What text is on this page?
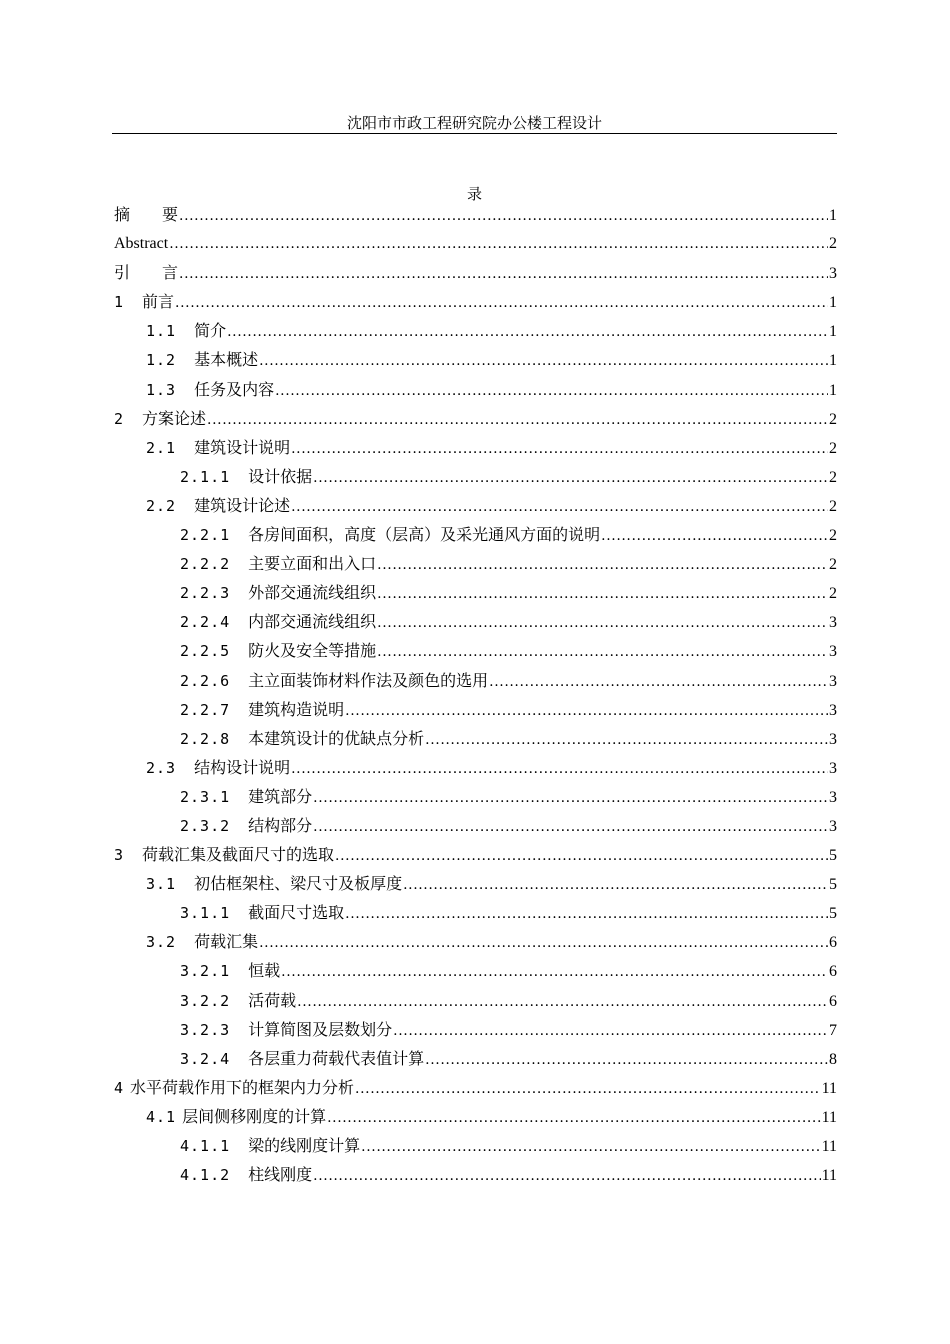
沈阳市市政工程研究院办公楼工程设计
录
摘　　要 .....	1
Abstract .....	2
引　　言 .....	3
1 前言 .....	1
1.1 简介 .....	1
1.2 基本概述 .....	1
1.3 任务及内容 .....	1
2 方案论述 .....	2
2.1 建筑设计说明 .....	2
2.1.1 设计依据 .....	2
2.2 建筑设计论述 .....	2
2.2.1 各房间面积，高度（层高）及采光通风方面的说明 .....	2
2.2.2 主要立面和出入口 .....	2
2.2.3 外部交通流线组织 .....	2
2.2.4 内部交通流线组织 .....	3
2.2.5 防火及安全等措施 .....	3
2.2.6 主立面装饰材料作法及颜色的选用 .....	3
2.2.7 建筑构造说明 .....	3
2.2.8 本建筑设计的优缺点分析 .....	3
2.3 结构设计说明 .....	3
2.3.1 建筑部分 .....	3
2.3.2 结构部分 .....	3
3 荷载汇集及截面尺寸的选取 .....	5
3.1 初估框架柱、梁尺寸及板厚度 .....	5
3.1.1 截面尺寸选取 .....	5
3.2 荷载汇集 .....	6
3.2.1 恒载 .....	6
3.2.2 活荷载 .....	6
3.2.3 计算简图及层数划分 .....	7
3.2.4 各层重力荷载代表值计算 .....	8
4 水平荷载作用下的框架内力分析 .....	11
4.1 层间侧移刚度的计算 .....	11
4.1.1 梁的线刚度计算 .....	11
4.1.2 柱线刚度 .....	11
